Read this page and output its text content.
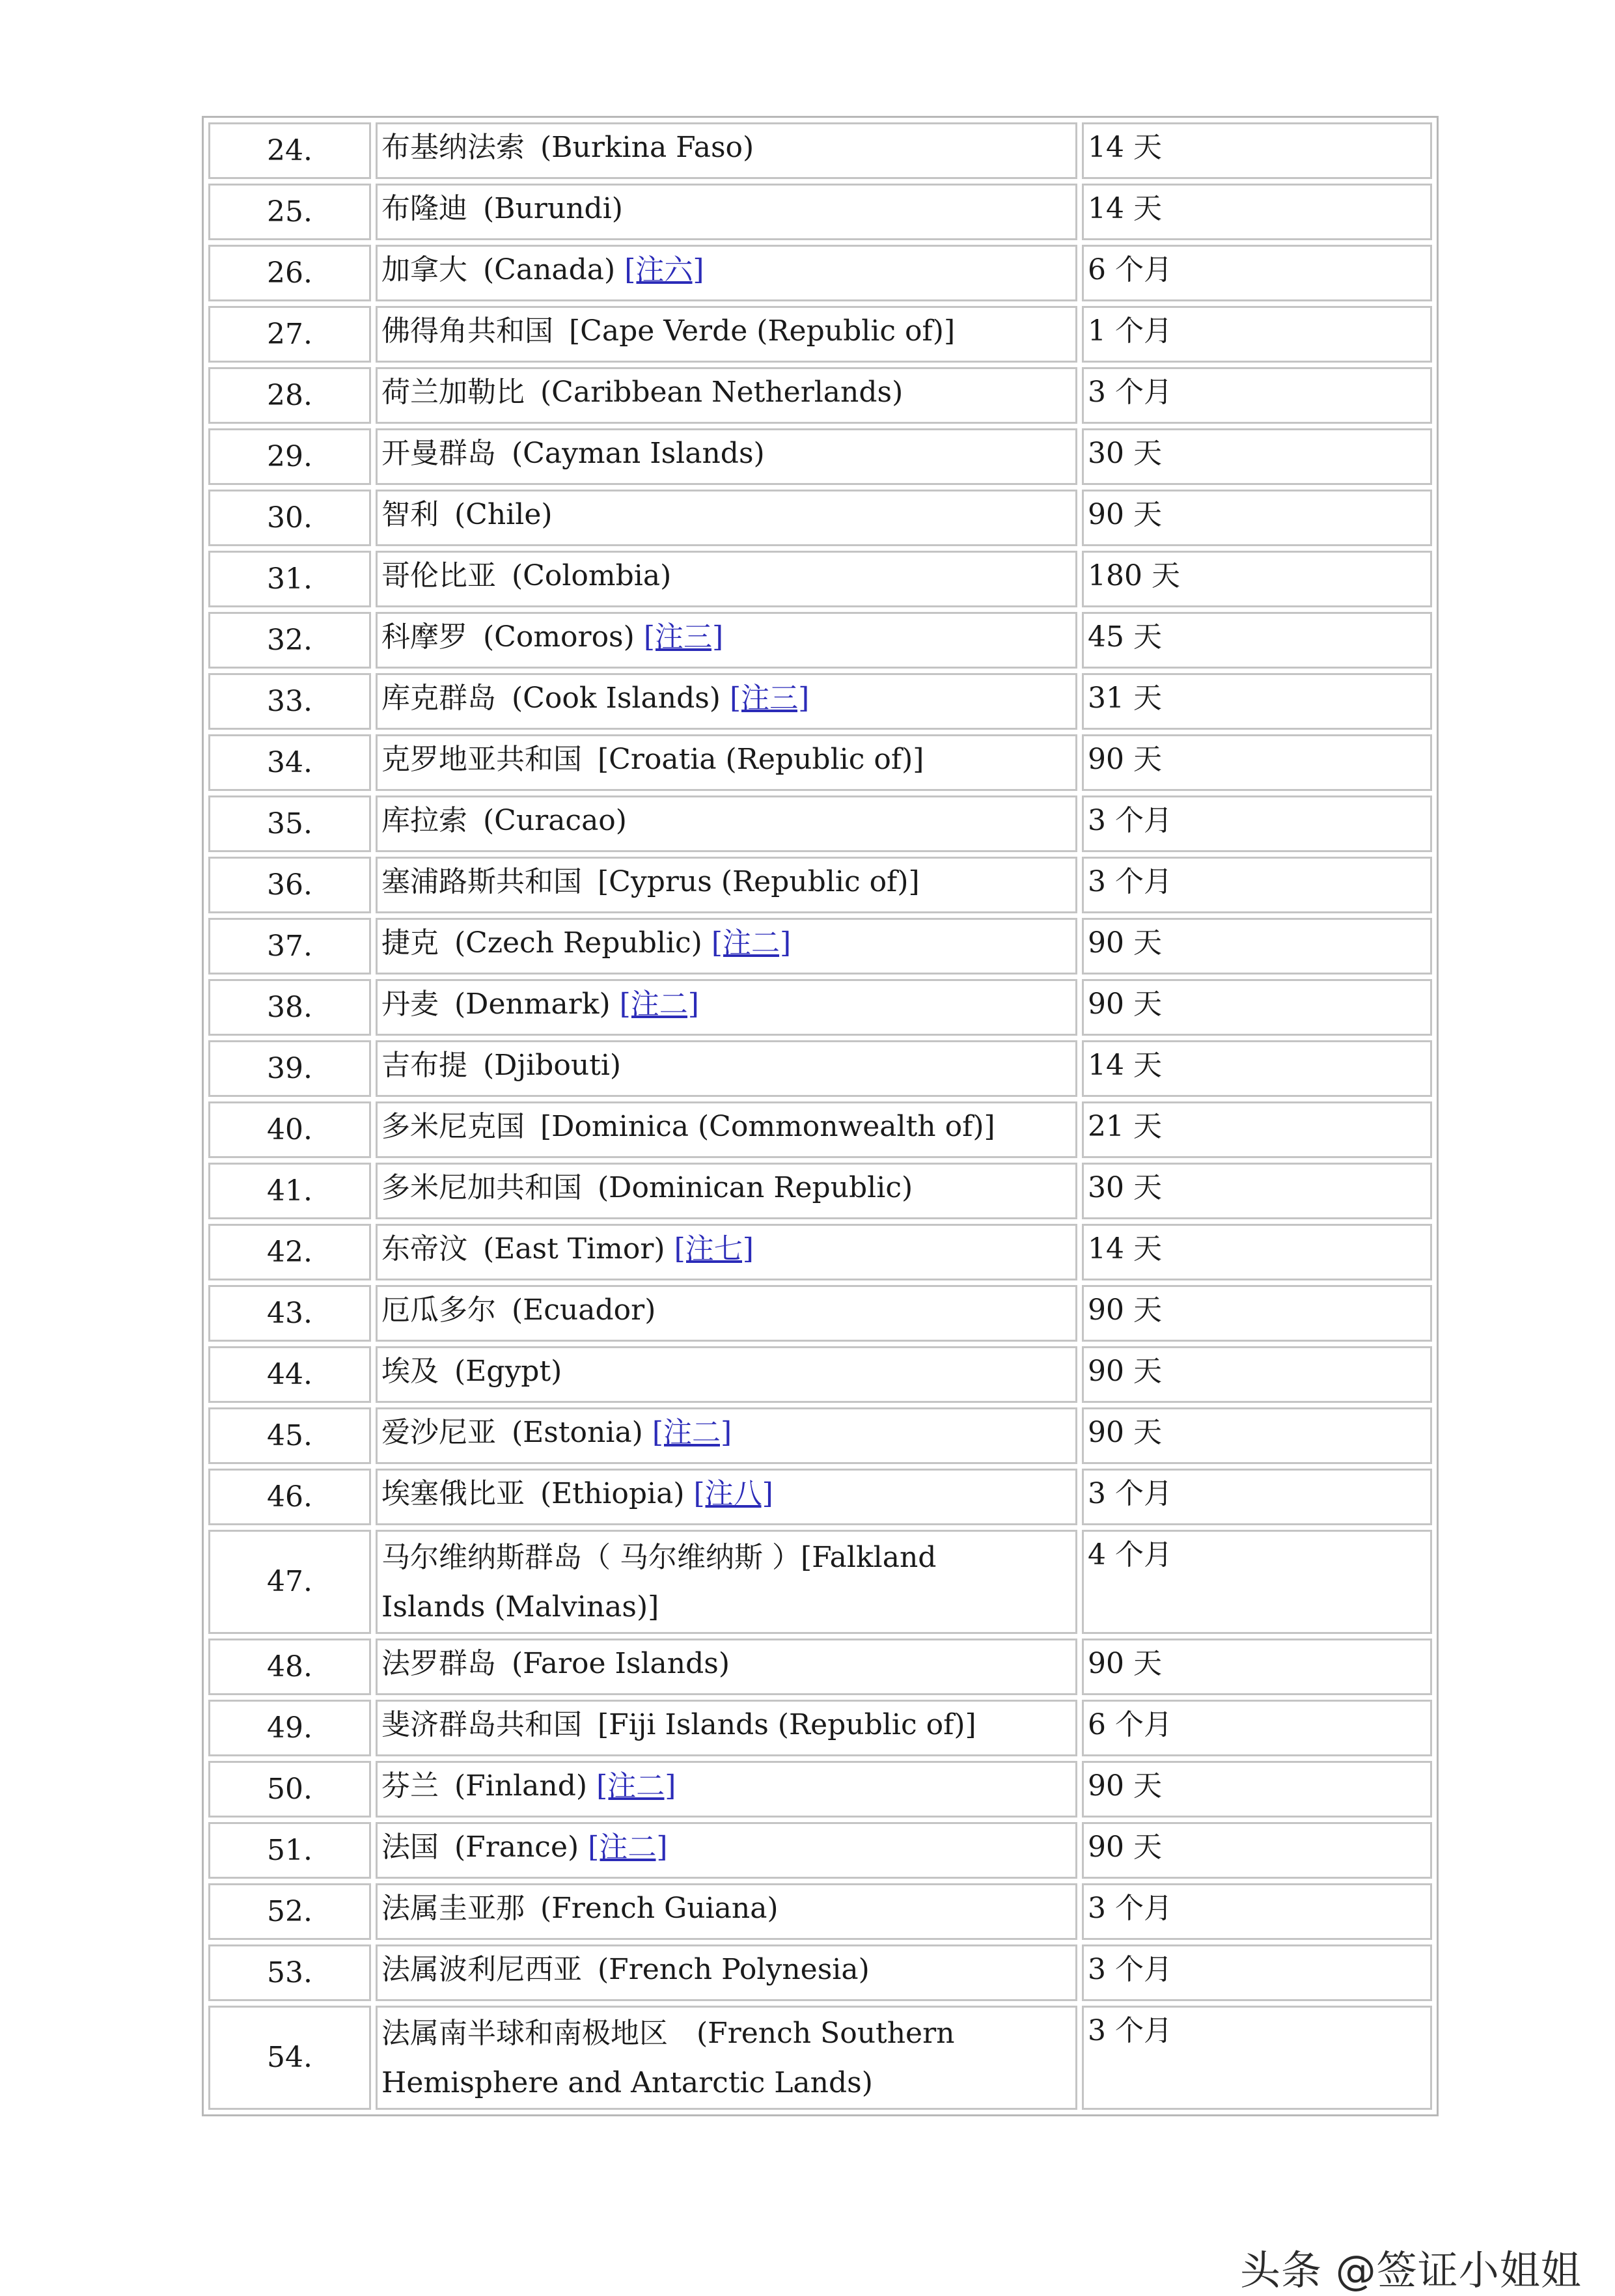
24.	布基纳法索 (Burkina Faso)	14 天
25.	布隆迪 (Burundi)	14 天
26.	加拿大 (Canada) [注六]	6 个月
27.	佛得角共和国 [Cape Verde (Republic of)]	1 个月
28.	荷兰加勒比 (Caribbean Netherlands)	3 个月
29.	开曼群岛 (Cayman Islands)	30 天
30.	智利 (Chile)	90 天
31.	哥伦比亚 (Colombia)	180 天
32.	科摩罗 (Comoros) [注三]	45 天
33.	库克群岛 (Cook Islands) [注三]	31 天
34.	克罗地亚共和国 [Croatia (Republic of)]	90 天
35.	库拉索 (Curacao)	3 个月
36.	塞浦路斯共和国 [Cyprus (Republic of)]	3 个月
37.	捷克 (Czech Republic) [注二]	90 天
38.	丹麦 (Denmark) [注二]	90 天
39.	吉布提 (Djibouti)	14 天
40.	多米尼克国 [Dominica (Commonwealth of)]	21 天
41.	多米尼加共和国 (Dominican Republic)	30 天
42.	东帝汶 (East Timor) [注七]	14 天
43.	厄瓜多尔 (Ecuador)	90 天
44.	埃及 (Egypt)	90 天
45.	爱沙尼亚 (Estonia) [注二]	90 天
46.	埃塞俄比亚 (Ethiopia) [注八]	3 个月
47.	马尔维纳斯群岛（ 马尔维纳斯 ）[Falkland
Islands (Malvinas)]	4 个月
48.	法罗群岛 (Faroe Islands)	90 天
49.	斐济群岛共和国 [Fiji Islands (Republic of)]	6 个月
50.	芬兰 (Finland) [注二]	90 天
51.	法国 (France) [注二]	90 天
52.	法属圭亚那 (French Guiana)	3 个月
53.	法属波利尼西亚 (French Polynesia)	3 个月
54.	法属南半球和南极地区　(French Southern
Hemisphere and Antarctic Lands)	3 个月
头条 @签证小姐姐
